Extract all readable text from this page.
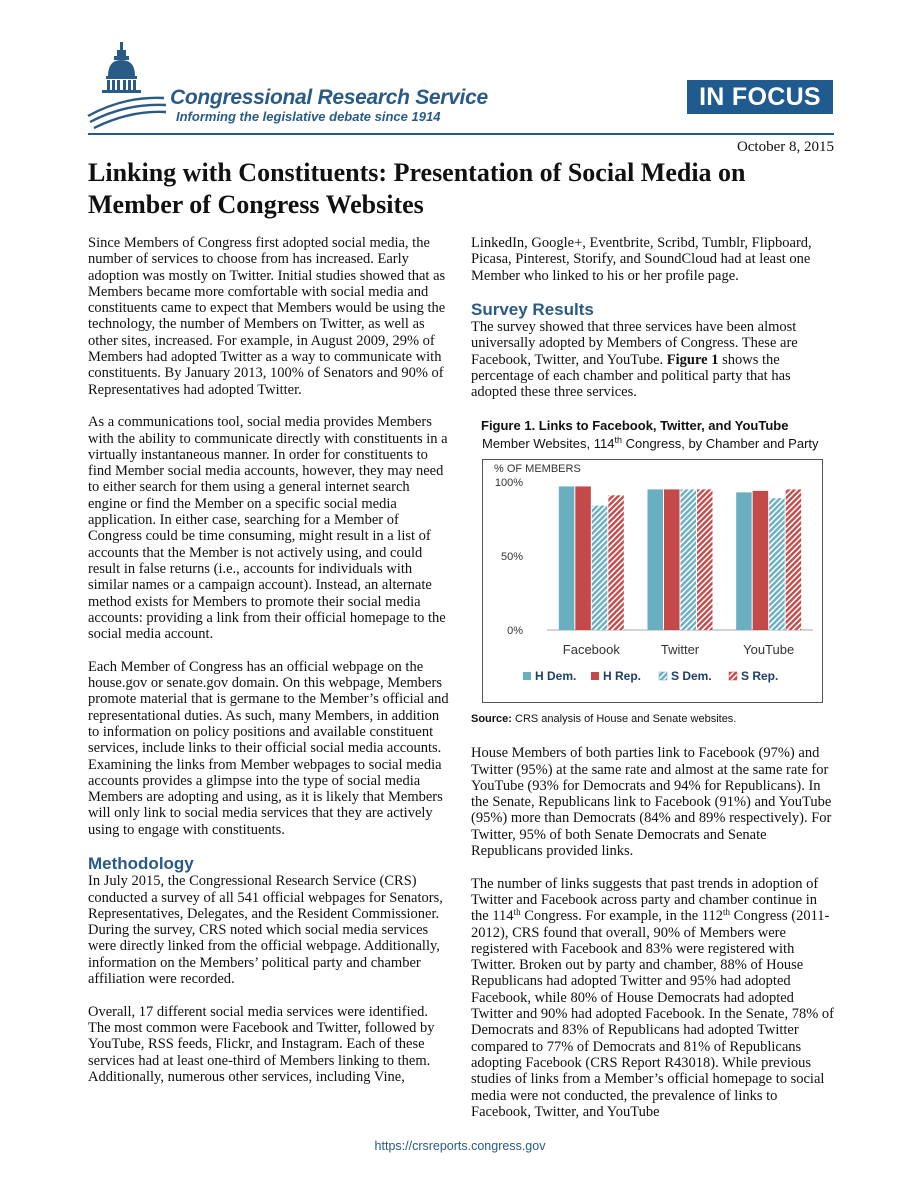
Congressional Research Service
Informing the legislative debate since 1914
IN FOCUS
October 8, 2015
Linking with Constituents: Presentation of Social Media on Member of Congress Websites

Since Members of Congress first adopted social media, the number of services to choose from has increased. Early adoption was mostly on Twitter. Initial studies showed that as Members became more comfortable with social media and constituents came to expect that Members would be using the technology, the number of Members on Twitter, as well as other sites, increased. For example, in August 2009, 29% of Members had adopted Twitter as a way to communicate with constituents. By January 2013, 100% of Senators and 90% of Representatives had adopted Twitter.

As a communications tool, social media provides Members with the ability to communicate directly with constituents in a virtually instantaneous manner. In order for constituents to find Member social media accounts, however, they may need to either search for them using a general internet search engine or find the Member on a specific social media application. In either case, searching for a Member of Congress could be time consuming, might result in a list of accounts that the Member is not actively using, and could result in false returns (i.e., accounts for individuals with similar names or a campaign account). Instead, an alternate method exists for Members to promote their social media accounts: providing a link from their official homepage to the social media account.

Each Member of Congress has an official webpage on the house.gov or senate.gov domain. On this webpage, Members promote material that is germane to the Member’s official and representational duties. As such, many Members, in addition to information on policy positions and available constituent services, include links to their official social media accounts. Examining the links from Member webpages to social media accounts provides a glimpse into the type of social media Members are adopting and using, as it is likely that Members will only link to social media services that they are actively using to engage with constituents.

Methodology

In July 2015, the Congressional Research Service (CRS) conducted a survey of all 541 official webpages for Senators, Representatives, Delegates, and the Resident Commissioner. During the survey, CRS noted which social media services were directly linked from the official webpage. Additionally, information on the Members’ political party and chamber affiliation were recorded.

Overall, 17 different social media services were identified. The most common were Facebook and Twitter, followed by YouTube, RSS feeds, Flickr, and Instagram. Each of these services had at least one-third of Members linking to them. Additionally, numerous other services, including Vine,

LinkedIn, Google+, Eventbrite, Scribd, Tumblr, Flipboard, Picasa, Pinterest, Storify, and SoundCloud had at least one Member who linked to his or her profile page.

Survey Results

The survey showed that three services have been almost universally adopted by Members of Congress. These are Facebook, Twitter, and YouTube. Figure 1 shows the percentage of each chamber and political party that has adopted these three services.

Figure 1. Links to Facebook, Twitter, and YouTube
Member Websites, 114th Congress, by Chamber and Party
% OF MEMBERS
0%
50%
100%
Facebook	Twitter	YouTube
H Dem. H Rep. S Dem. S Rep.
Source: CRS analysis of House and Senate websites.

House Members of both parties link to Facebook (97%) and Twitter (95%) at the same rate and almost at the same rate for YouTube (93% for Democrats and 94% for Republicans). In the Senate, Republicans link to Facebook (91%) and YouTube (95%) more than Democrats (84% and 89% respectively). For Twitter, 95% of both Senate Democrats and Senate Republicans provided links.

The number of links suggests that past trends in adoption of Twitter and Facebook across party and chamber continue in the 114th Congress. For example, in the 112th Congress (2011-2012), CRS found that overall, 90% of Members were registered with Facebook and 83% were registered with Twitter. Broken out by party and chamber, 88% of House Republicans had adopted Twitter and 95% had adopted Facebook, while 80% of House Democrats had adopted Twitter and 90% had adopted Facebook. In the Senate, 78% of Democrats and 83% of Republicans had adopted Twitter compared to 77% of Democrats and 81% of Republicans adopting Facebook (CRS Report R43018). While previous studies of links from a Member’s official homepage to social media were not conducted, the prevalence of links to Facebook, Twitter, and YouTube

https://crsreports.congress.gov
